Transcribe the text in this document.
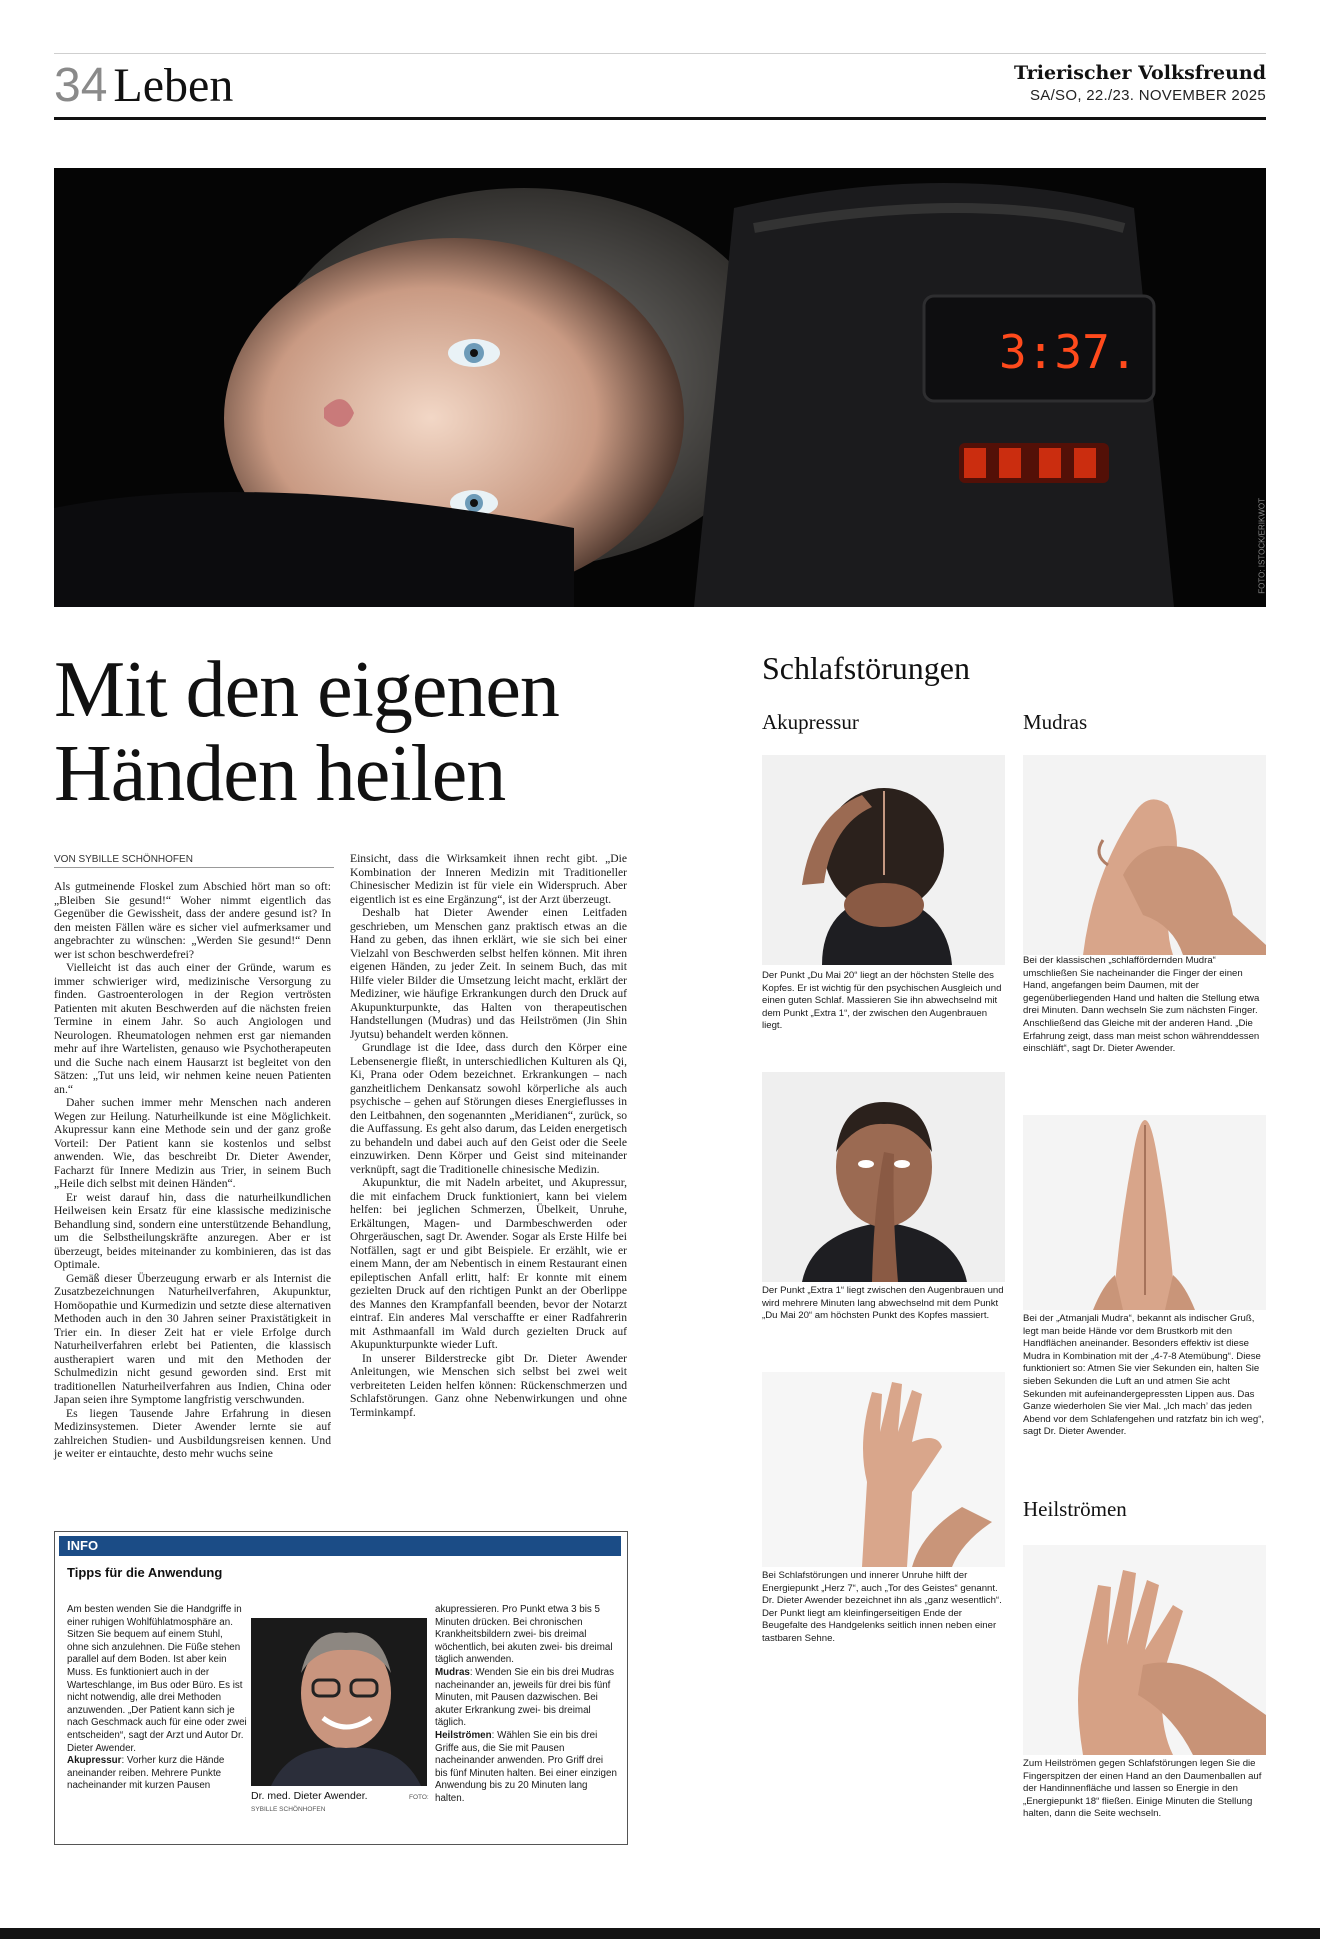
34 Leben	Trierischer Volksfreund
SA/SO, 22./23. NOVEMBER 2025
3:37.
FOTO: ISTOCK/ERIKWOT
Mit den eigenen
Händen heilen
VON SYBILLE SCHÖNHOFEN

Als gutmeinende Floskel zum Abschied hört man so oft: „Bleiben Sie gesund!“ Woher nimmt eigentlich das Gegenüber die Gewissheit, dass der andere gesund ist? In den meisten Fällen wäre es sicher viel aufmerksamer und angebrachter zu wünschen: „Werden Sie gesund!“ Denn wer ist schon beschwerdefrei?

Vielleicht ist das auch einer der Gründe, warum es immer schwieriger wird, medizinische Versorgung zu finden. Gastroenterologen in der Region vertrösten Patienten mit akuten Beschwerden auf die nächsten freien Termine in einem Jahr. So auch Angiologen und Neurologen. Rheumatologen nehmen erst gar niemanden mehr auf ihre Wartelisten, genauso wie Psychotherapeuten und die Suche nach einem Hausarzt ist begleitet von den Sätzen: „Tut uns leid, wir nehmen keine neuen Patienten an.“

Daher suchen immer mehr Menschen nach anderen Wegen zur Heilung. Naturheilkunde ist eine Möglichkeit. Akupressur kann eine Methode sein und der ganz große Vorteil: Der Patient kann sie kostenlos und selbst anwenden. Wie, das beschreibt Dr. Dieter Awender, Facharzt für Innere Medizin aus Trier, in seinem Buch „Heile dich selbst mit deinen Händen“.

Er weist darauf hin, dass die naturheilkundlichen Heilweisen kein Ersatz für eine klassische medizinische Behandlung sind, sondern eine unterstützende Behandlung, um die Selbstheilungskräfte anzuregen. Aber er ist überzeugt, beides miteinander zu kombinieren, das ist das Optimale.

Gemäß dieser Überzeugung erwarb er als Internist die Zusatzbezeichnungen Naturheilverfahren, Akupunktur, Homöopathie und Kurmedizin und setzte diese alternativen Methoden auch in den 30 Jahren seiner Praxistätigkeit in Trier ein. In dieser Zeit hat er viele Erfolge durch Naturheilverfahren erlebt bei Patienten, die klassisch austherapiert waren und mit den Methoden der Schulmedizin nicht gesund geworden sind. Erst mit traditionellen Naturheilverfahren aus Indien, China oder Japan seien ihre Symptome langfristig verschwunden.

Es liegen Tausende Jahre Erfahrung in diesen Medizinsystemen. Dieter Awender lernte sie auf zahlreichen Studien- und Ausbildungsreisen kennen. Und je weiter er eintauchte, desto mehr wuchs seine

Einsicht, dass die Wirksamkeit ihnen recht gibt. „Die Kombination der Inneren Medizin mit Traditioneller Chinesischer Medizin ist für viele ein Widerspruch. Aber eigentlich ist es eine Ergänzung“, ist der Arzt überzeugt.

Deshalb hat Dieter Awender einen Leitfaden geschrieben, um Menschen ganz praktisch etwas an die Hand zu geben, das ihnen erklärt, wie sie sich bei einer Vielzahl von Beschwerden selbst helfen können. Mit ihren eigenen Händen, zu jeder Zeit. In seinem Buch, das mit Hilfe vieler Bilder die Umsetzung leicht macht, erklärt der Mediziner, wie häufige Erkrankungen durch den Druck auf Akupunkturpunkte, das Halten von therapeutischen Handstellungen (Mudras) und das Heilströmen (Jin Shin Jyutsu) behandelt werden können.

Grundlage ist die Idee, dass durch den Körper eine Lebensenergie fließt, in unterschiedlichen Kulturen als Qi, Ki, Prana oder Odem bezeichnet. Erkrankungen – nach ganzheitlichem Denkansatz sowohl körperliche als auch psychische – gehen auf Störungen dieses Energieflusses in den Leitbahnen, den sogenannten „Meridianen“, zurück, so die Auffassung. Es geht also darum, das Leiden energetisch zu behandeln und dabei auch auf den Geist oder die Seele einzuwirken. Denn Körper und Geist sind miteinander verknüpft, sagt die Traditionelle chinesische Medizin.

Akupunktur, die mit Nadeln arbeitet, und Akupressur, die mit einfachem Druck funktioniert, kann bei vielem helfen: bei jeglichen Schmerzen, Übelkeit, Unruhe, Erkältungen, Magen- und Darmbeschwerden oder Ohrgeräuschen, sagt Dr. Awender. Sogar als Erste Hilfe bei Notfällen, sagt er und gibt Beispiele. Er erzählt, wie er einem Mann, der am Nebentisch in einem Restaurant einen epileptischen Anfall erlitt, half: Er konnte mit einem gezielten Druck auf den richtigen Punkt an der Oberlippe des Mannes den Krampfanfall beenden, bevor der Notarzt eintraf. Ein anderes Mal verschaffte er einer Radfahrerin mit Asthmaanfall im Wald durch gezielten Druck auf Akupunkturpunkte wieder Luft.

In unserer Bilderstrecke gibt Dr. Dieter Awender Anleitungen, wie Menschen sich selbst bei zwei weit verbreiteten Leiden helfen können: Rückenschmerzen und Schlafstörungen. Ganz ohne Nebenwirkungen und ohne Terminkampf.

INFO
Tipps für die Anwendung
Am besten wenden Sie die Handgriffe in einer ruhigen Wohlfühlatmosphäre an. Sitzen Sie bequem auf einem Stuhl, ohne sich anzulehnen. Die Füße stehen parallel auf dem Boden. Ist aber kein Muss. Es funktioniert auch in der Warteschlange, im Bus oder Büro. Es ist nicht notwendig, alle drei Methoden anzuwenden. „Der Patient kann sich je nach Geschmack auch für eine oder zwei entscheiden“, sagt der Arzt und Autor Dr. Dieter Awender.
Akupressur: Vorher kurz die Hände aneinander reiben. Mehrere Punkte nacheinander mit kurzen Pausen
Dr. med. Dieter Awender.
SYBILLE SCHÖNHOFEN
FOTO:
akupressieren. Pro Punkt etwa 3 bis 5 Minuten drücken. Bei chronischen Krankheitsbildern zwei- bis dreimal wöchentlich, bei akuten zwei- bis dreimal täglich anwenden.
Mudras: Wenden Sie ein bis drei Mudras nacheinander an, jeweils für drei bis fünf Minuten, mit Pausen dazwischen. Bei akuter Erkrankung zwei- bis dreimal täglich.
Heilströmen: Wählen Sie ein bis drei Griffe aus, die Sie mit Pausen nacheinander anwenden. Pro Griff drei bis fünf Minuten halten. Bei einer einzigen Anwendung bis zu 20 Minuten lang halten.
Schlafstörungen
Akupressur	Mudras
Der Punkt „Du Mai 20“ liegt an der höchsten Stelle des Kopfes. Er ist wichtig für den psychischen Ausgleich und einen guten Schlaf. Massieren Sie ihn abwechselnd mit dem Punkt „Extra 1“, der zwischen den Augenbrauen liegt.
Der Punkt „Extra 1“ liegt zwischen den Augenbrauen und wird mehrere Minuten lang abwechselnd mit dem Punkt „Du Mai 20“ am höchsten Punkt des Kopfes massiert.
Bei Schlafstörungen und innerer Unruhe hilft der Energiepunkt „Herz 7“, auch „Tor des Geistes“ genannt. Dr. Dieter Awender bezeichnet ihn als „ganz wesentlich“. Der Punkt liegt am kleinfingerseitigen Ende der Beugefalte des Handgelenks seitlich innen neben einer tastbaren Sehne.
Bei der klassischen „schlaffördernden Mudra“ umschließen Sie nacheinander die Finger der einen Hand, angefangen beim Daumen, mit der gegenüberliegenden Hand und halten die Stellung etwa drei Minuten. Dann wechseln Sie zum nächsten Finger. Anschließend das Gleiche mit der anderen Hand. „Die Erfahrung zeigt, dass man meist schon währenddessen einschläft“, sagt Dr. Dieter Awender.
Bei der „Atmanjali Mudra“, bekannt als indischer Gruß, legt man beide Hände vor dem Brustkorb mit den Handflächen aneinander. Besonders effektiv ist diese Mudra in Kombination mit der „4-7-8 Atemübung“. Diese funktioniert so: Atmen Sie vier Sekunden ein, halten Sie sieben Sekunden die Luft an und atmen Sie acht Sekunden mit aufeinandergepressten Lippen aus. Das Ganze wiederholen Sie vier Mal. „Ich mach’ das jeden Abend vor dem Schlafengehen und ratzfatz bin ich weg“, sagt Dr. Dieter Awender.
Heilströmen
Zum Heilströmen gegen Schlafstörungen legen Sie die Fingerspitzen der einen Hand an den Daumenballen auf der Handinnenfläche und lassen so Energie in den „Energiepunkt 18“ fließen. Einige Minuten die Stellung halten, dann die Seite wechseln.
